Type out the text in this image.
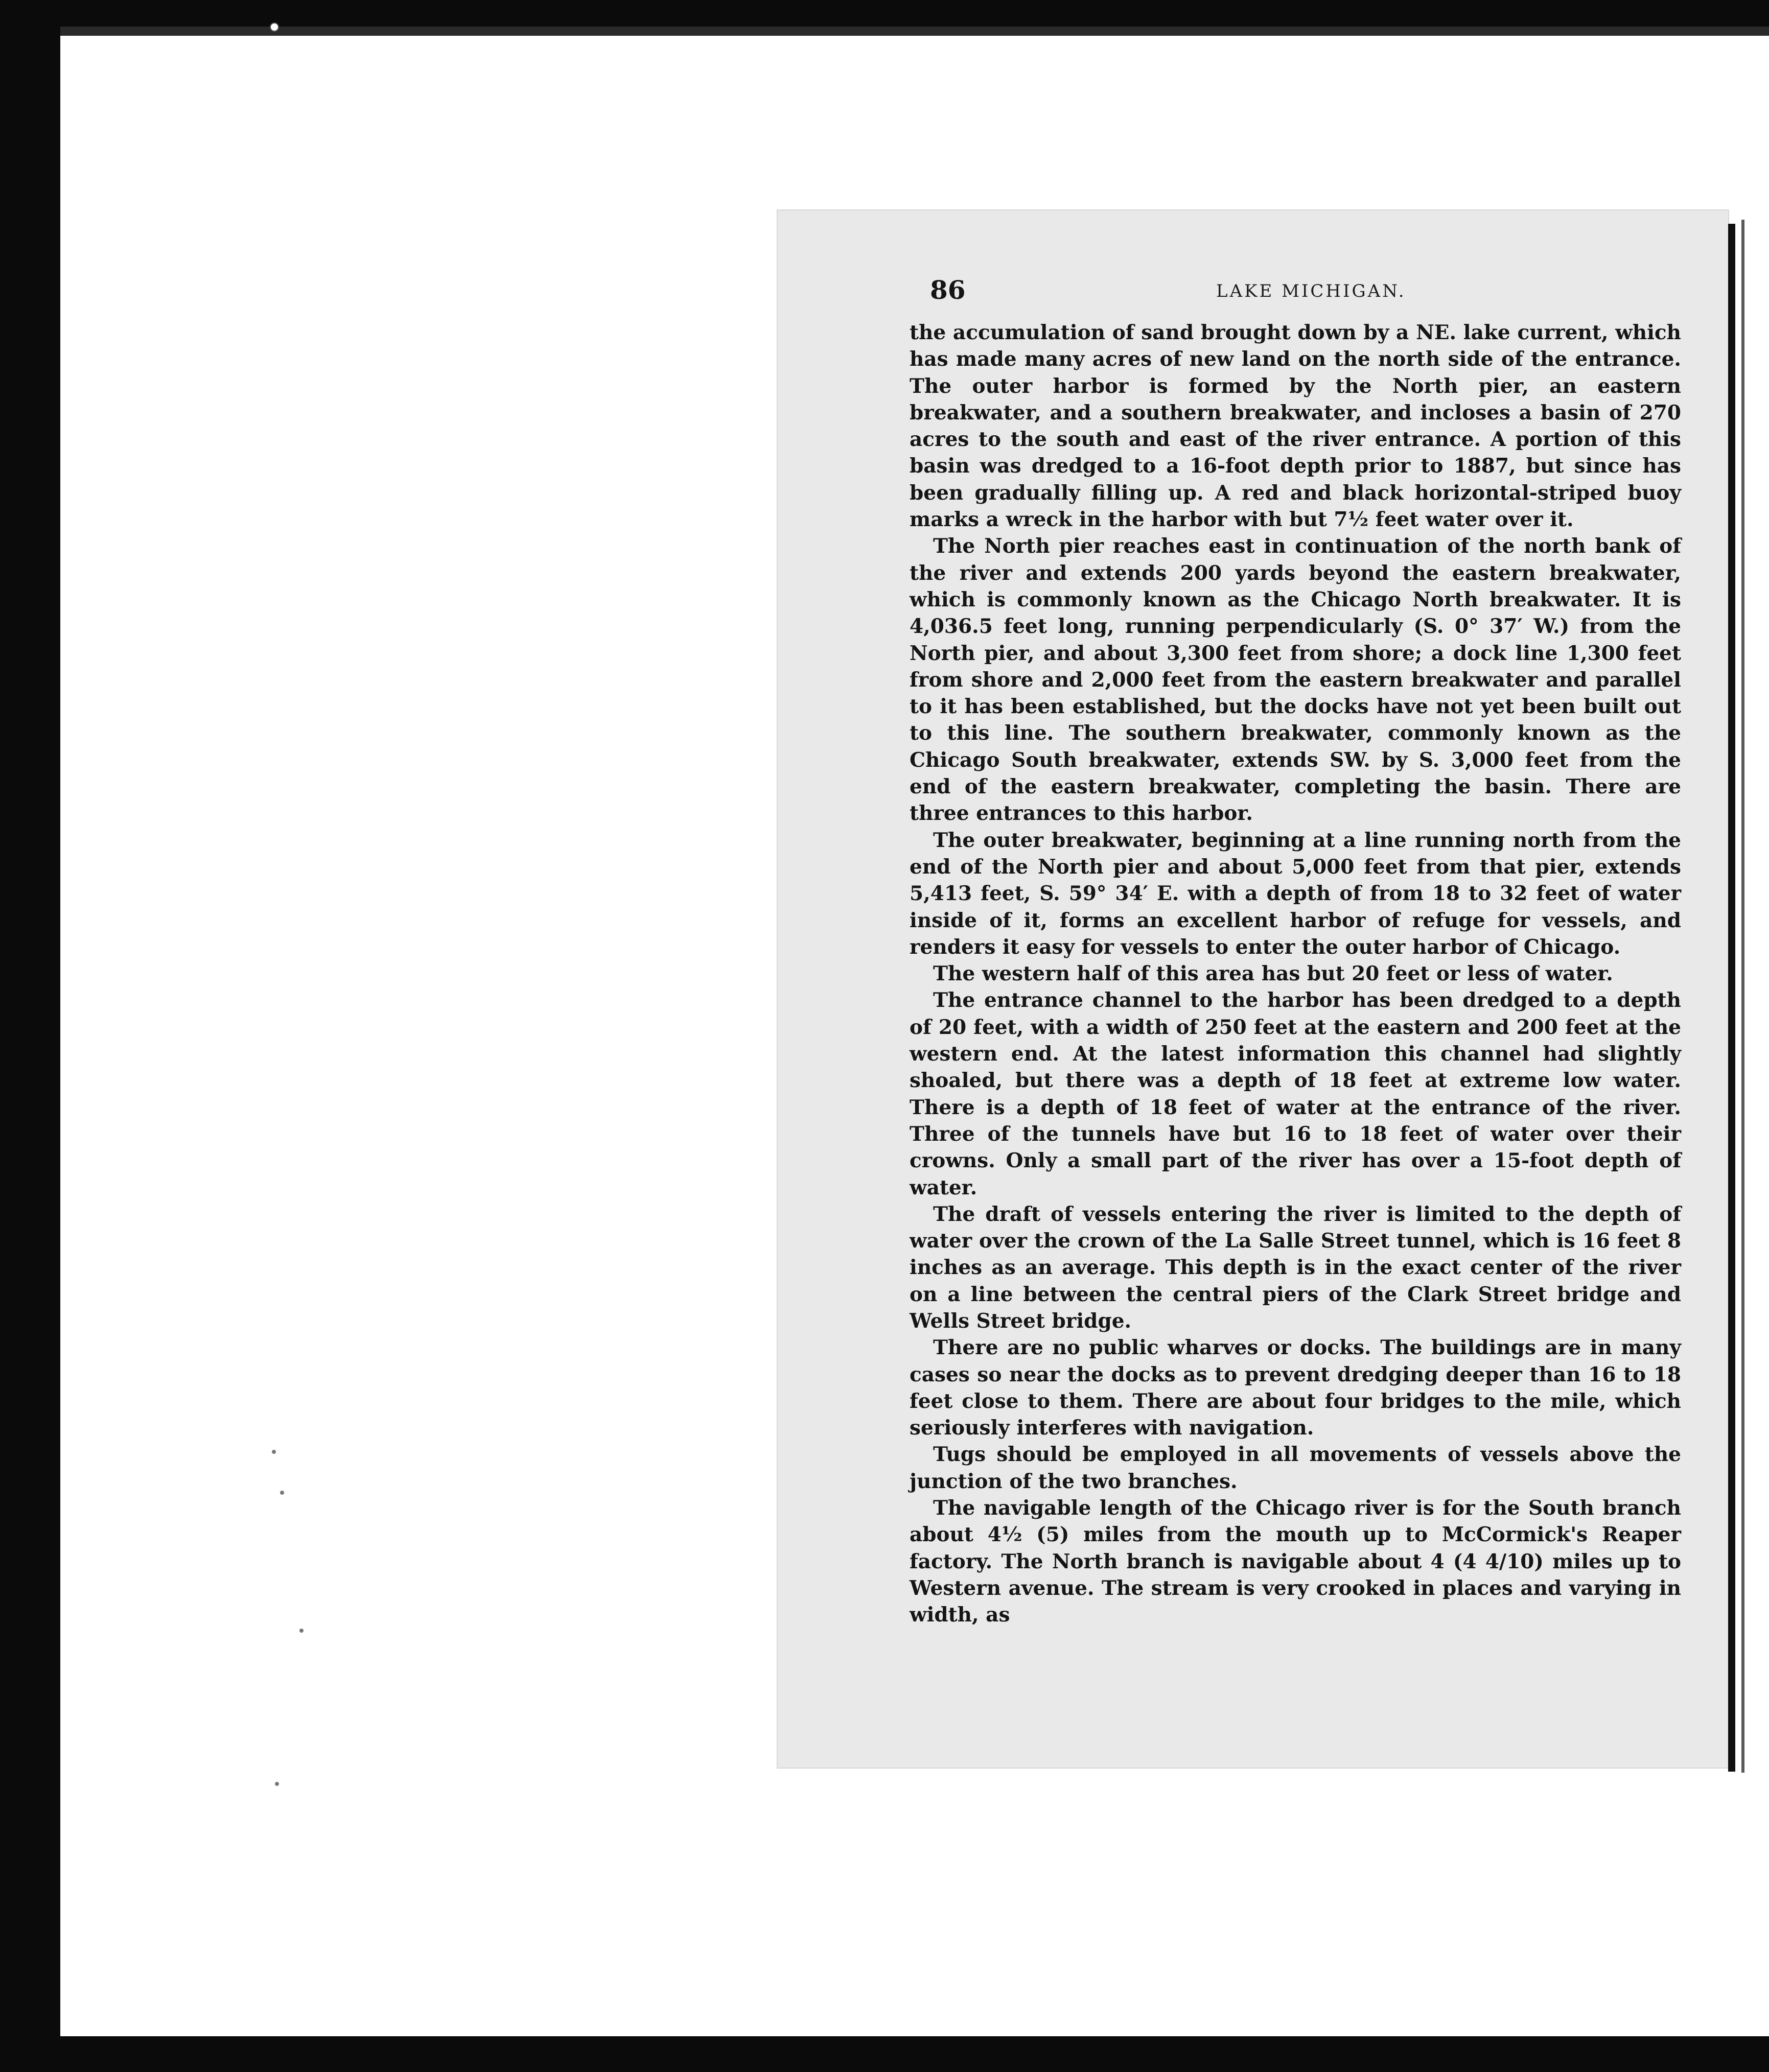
86	LAKE MICHIGAN.

the accumulation of sand brought down by a NE. lake current, which has made many acres of new land on the north side of the entrance. The outer harbor is formed by the North pier, an eastern breakwater, and a southern breakwater, and incloses a basin of 270 acres to the south and east of the river entrance. A portion of this basin was dredged to a 16-foot depth prior to 1887, but since has been gradually filling up. A red and black horizontal-striped buoy marks a wreck in the harbor with but 7½ feet water over it.

The North pier reaches east in continuation of the north bank of the river and extends 200 yards beyond the eastern breakwater, which is commonly known as the Chicago North breakwater. It is 4,036.5 feet long, running perpendicularly (S. 0° 37′ W.) from the North pier, and about 3,300 feet from shore; a dock line 1,300 feet from shore and 2,000 feet from the eastern breakwater and parallel to it has been established, but the docks have not yet been built out to this line. The southern breakwater, commonly known as the Chicago South breakwater, extends SW. by S. 3,000 feet from the end of the eastern breakwater, completing the basin. There are three entrances to this harbor.

The outer breakwater, beginning at a line running north from the end of the North pier and about 5,000 feet from that pier, extends 5,413 feet, S. 59° 34′ E. with a depth of from 18 to 32 feet of water inside of it, forms an excellent harbor of refuge for vessels, and renders it easy for vessels to enter the outer harbor of Chicago.

The western half of this area has but 20 feet or less of water.

The entrance channel to the harbor has been dredged to a depth of 20 feet, with a width of 250 feet at the eastern and 200 feet at the western end. At the latest information this channel had slightly shoaled, but there was a depth of 18 feet at extreme low water. There is a depth of 18 feet of water at the entrance of the river. Three of the tunnels have but 16 to 18 feet of water over their crowns. Only a small part of the river has over a 15-foot depth of water.

The draft of vessels entering the river is limited to the depth of water over the crown of the La Salle Street tunnel, which is 16 feet 8 inches as an average. This depth is in the exact center of the river on a line between the central piers of the Clark Street bridge and Wells Street bridge.

There are no public wharves or docks. The buildings are in many cases so near the docks as to prevent dredging deeper than 16 to 18 feet close to them. There are about four bridges to the mile, which seriously interferes with navigation.

Tugs should be employed in all movements of vessels above the junction of the two branches.

The navigable length of the Chicago river is for the South branch about 4½ (5) miles from the mouth up to McCormick's Reaper factory. The North branch is navigable about 4 (4 4/10) miles up to Western avenue. The stream is very crooked in places and varying in width, as
